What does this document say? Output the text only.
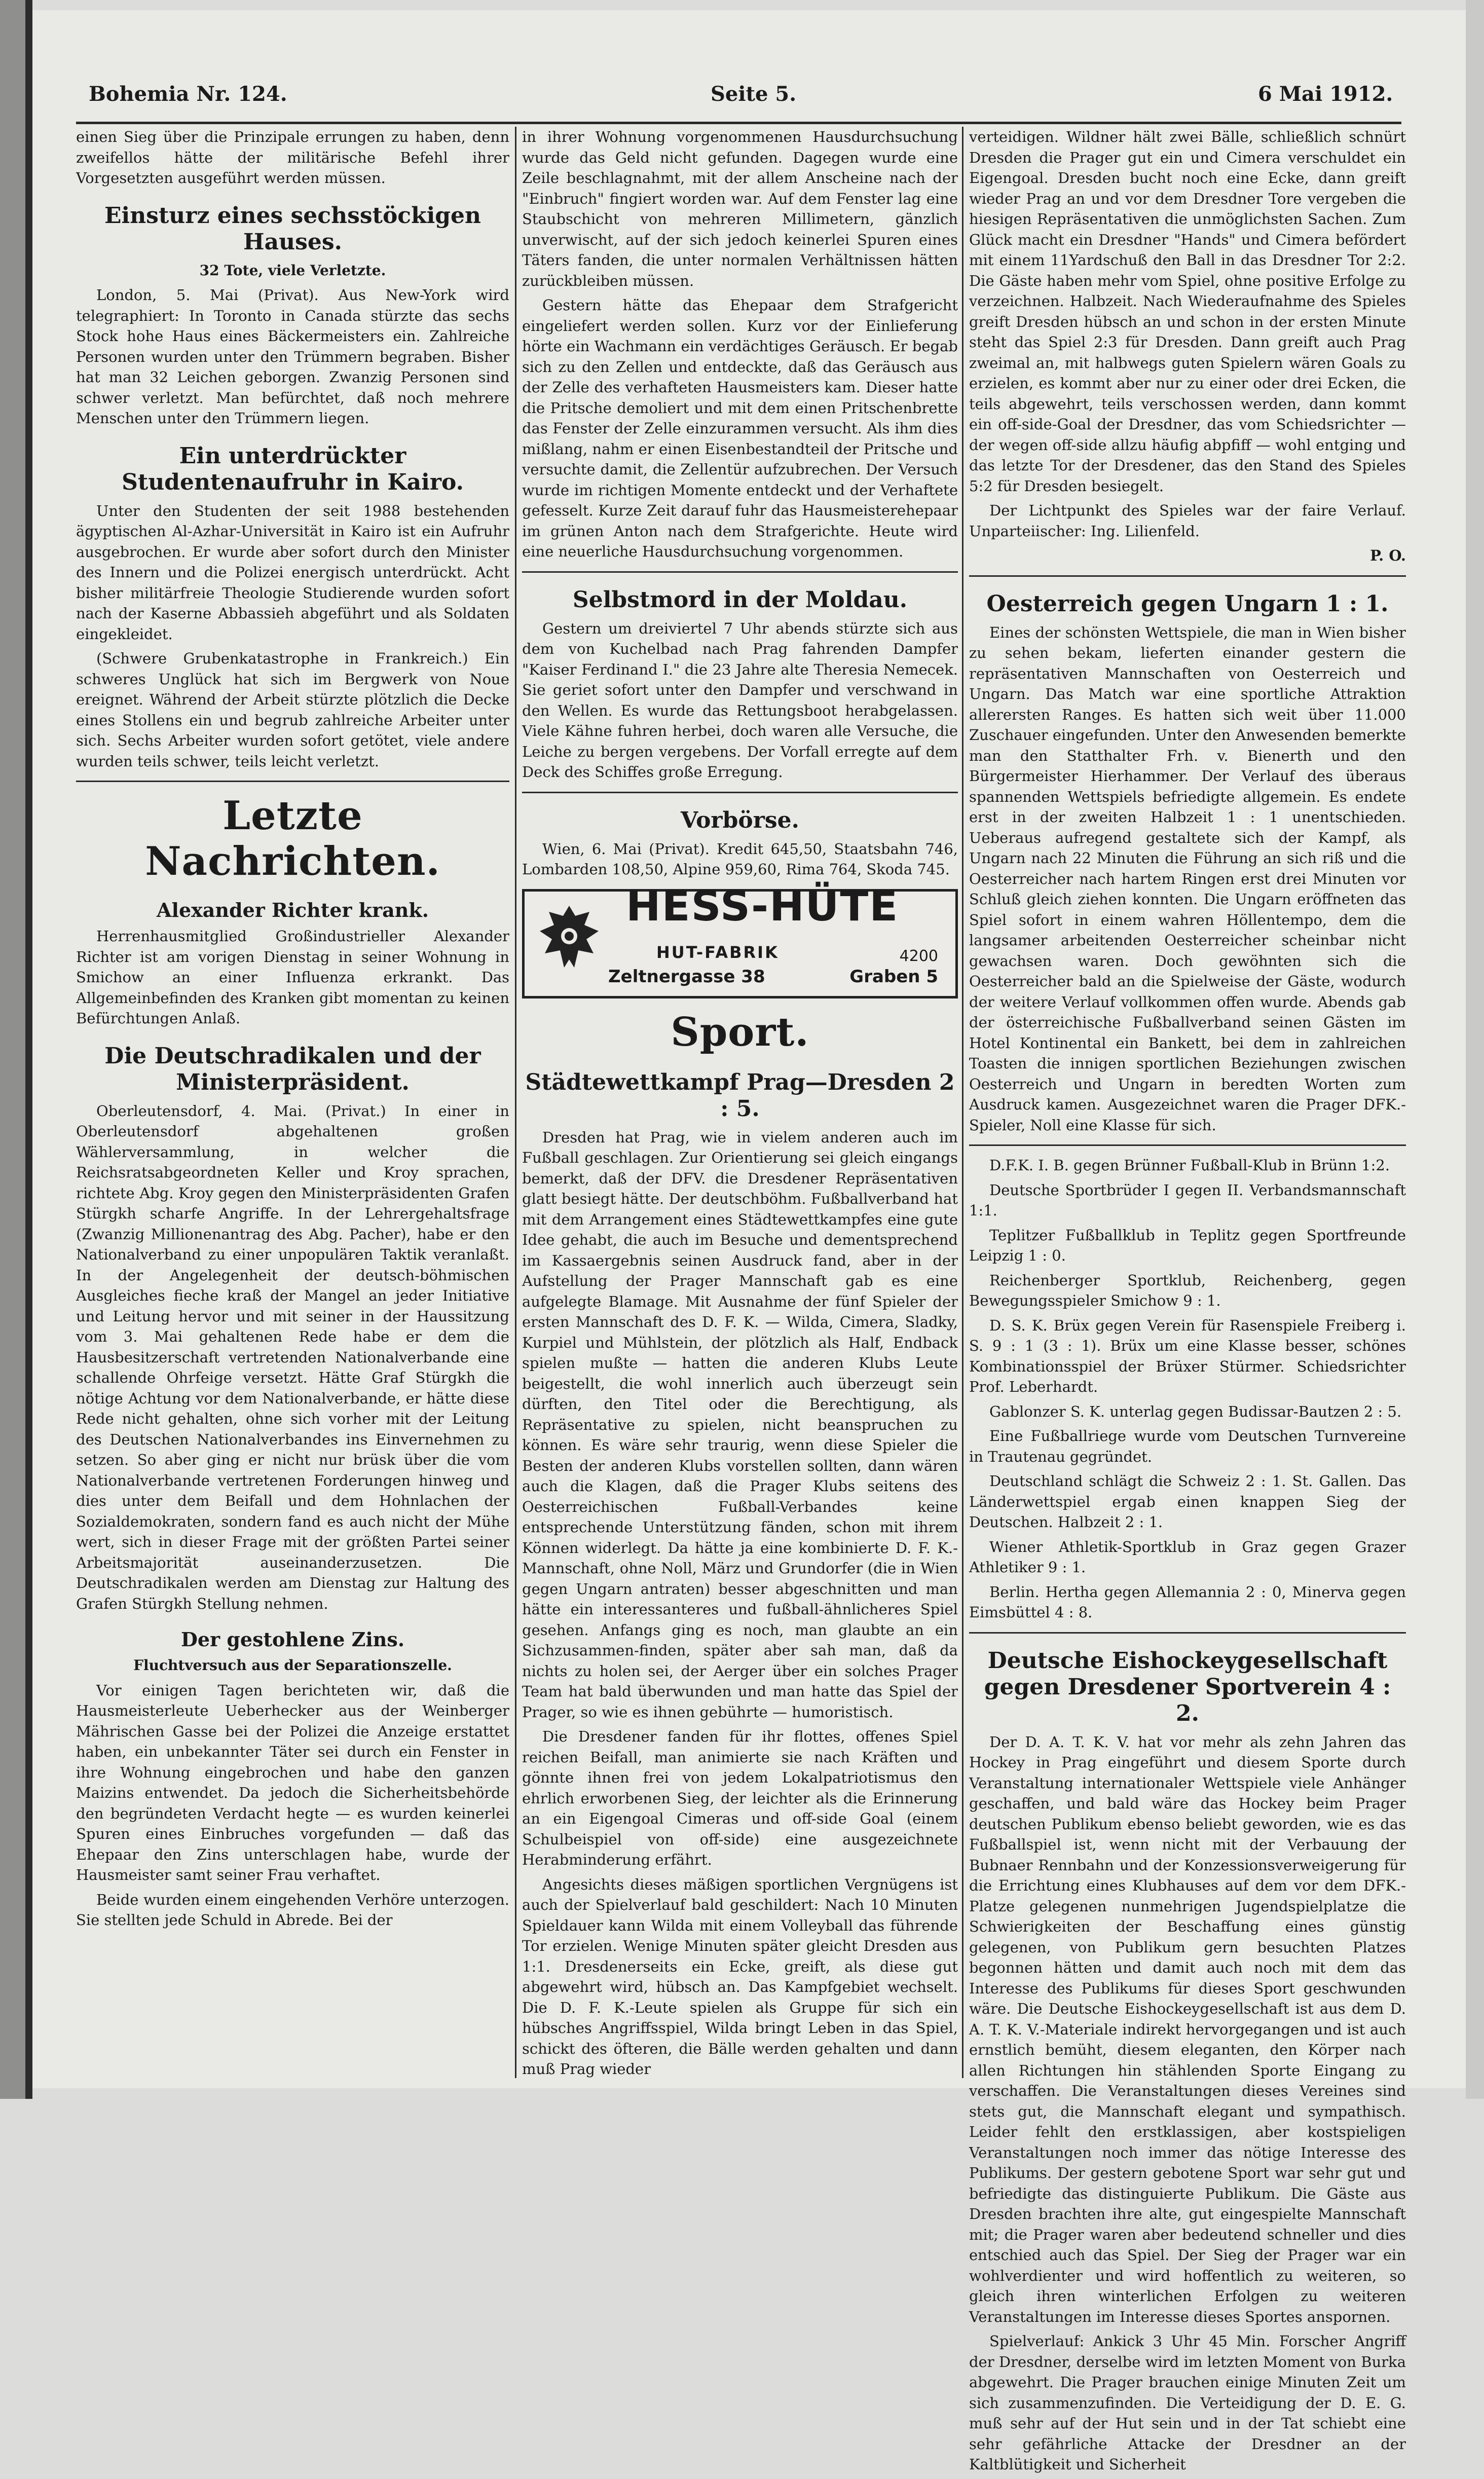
Bohemia Nr. 124.	Seite 5.	6 Mai 1912.

einen Sieg über die Prinzipale errungen zu haben, denn zweifellos hätte der militärische Befehl ihrer Vorgesetzten ausgeführt werden müssen.

Einsturz eines sechsstöckigen Hauses.

32 Tote, viele Verletzte.

London, 5. Mai (Privat). Aus New-York wird telegraphiert: In Toronto in Canada stürzte das sechs Stock hohe Haus eines Bäckermeisters ein. Zahlreiche Personen wurden unter den Trümmern begraben. Bisher hat man 32 Leichen geborgen. Zwanzig Personen sind schwer verletzt. Man befürchtet, daß noch mehrere Menschen unter den Trümmern liegen.

Ein unterdrückter Studentenaufruhr in Kairo.

Unter den Studenten der seit 1988 bestehenden ägyptischen Al-Azhar-Universität in Kairo ist ein Aufruhr ausgebrochen. Er wurde aber sofort durch den Minister des Innern und die Polizei energisch unterdrückt. Acht bisher militärfreie Theologie Studierende wurden sofort nach der Kaserne Abbassieh abgeführt und als Soldaten eingekleidet.

(Schwere Grubenkatastrophe in Frankreich.) Ein schweres Unglück hat sich im Bergwerk von Noue ereignet. Während der Arbeit stürzte plötzlich die Decke eines Stollens ein und begrub zahlreiche Arbeiter unter sich. Sechs Arbeiter wurden sofort getötet, viele andere wurden teils schwer, teils leicht verletzt.

Letzte Nachrichten.
Alexander Richter krank.

Herrenhausmitglied Großindustrieller Alexander Richter ist am vorigen Dienstag in seiner Wohnung in Smichow an einer Influenza erkrankt. Das Allgemeinbefinden des Kranken gibt momentan zu keinen Befürchtungen Anlaß.

Die Deutschradikalen und der Ministerpräsident.

Oberleutensdorf, 4. Mai. (Privat.) In einer in Oberleutensdorf abgehaltenen großen Wählerversammlung, in welcher die Reichsratsabgeordneten Keller und Kroy sprachen, richtete Abg. Kroy gegen den Ministerpräsidenten Grafen Stürgkh scharfe Angriffe. In der Lehrergehaltsfrage (Zwanzig Millionenantrag des Abg. Pacher), habe er den Nationalverband zu einer unpopulären Taktik veranlaßt. In der Angelegenheit der deutsch-böhmischen Ausgleiches fieche kraß der Mangel an jeder Initiative und Leitung hervor und mit seiner in der Haussitzung vom 3. Mai gehaltenen Rede habe er dem die Hausbesitzerschaft vertretenden Nationalverbande eine schallende Ohrfeige versetzt. Hätte Graf Stürgkh die nötige Achtung vor dem Nationalverbande, er hätte diese Rede nicht gehalten, ohne sich vorher mit der Leitung des Deutschen Nationalverbandes ins Einvernehmen zu setzen. So aber ging er nicht nur brüsk über die vom Nationalverbande vertretenen Forderungen hinweg und dies unter dem Beifall und dem Hohnlachen der Sozialdemokraten, sondern fand es auch nicht der Mühe wert, sich in dieser Frage mit der größten Partei seiner Arbeitsmajorität auseinanderzusetzen. Die Deutschradikalen werden am Dienstag zur Haltung des Grafen Stürgkh Stellung nehmen.

Der gestohlene Zins.

Fluchtversuch aus der Separationszelle.

Vor einigen Tagen berichteten wir, daß die Hausmeisterleute Ueberhecker aus der Weinberger Mährischen Gasse bei der Polizei die Anzeige erstattet haben, ein unbekannter Täter sei durch ein Fenster in ihre Wohnung eingebrochen und habe den ganzen Maizins entwendet. Da jedoch die Sicherheitsbehörde den begründeten Verdacht hegte — es wurden keinerlei Spuren eines Einbruches vorgefunden — daß das Ehepaar den Zins unterschlagen habe, wurde der Hausmeister samt seiner Frau verhaftet.

Beide wurden einem eingehenden Verhöre unterzogen. Sie stellten jede Schuld in Abrede. Bei der

in ihrer Wohnung vorgenommenen Hausdurchsuchung wurde das Geld nicht gefunden. Dagegen wurde eine Zeile beschlagnahmt, mit der allem Anscheine nach der "Einbruch" fingiert worden war. Auf dem Fenster lag eine Staubschicht von mehreren Millimetern, gänzlich unverwischt, auf der sich jedoch keinerlei Spuren eines Täters fanden, die unter normalen Verhältnissen hätten zurückbleiben müssen.

Gestern hätte das Ehepaar dem Strafgericht eingeliefert werden sollen. Kurz vor der Einlieferung hörte ein Wachmann ein verdächtiges Geräusch. Er begab sich zu den Zellen und entdeckte, daß das Geräusch aus der Zelle des verhafteten Hausmeisters kam. Dieser hatte die Pritsche demoliert und mit dem einen Pritschenbrette das Fenster der Zelle einzurammen versucht. Als ihm dies mißlang, nahm er einen Eisenbestandteil der Pritsche und versuchte damit, die Zellentür aufzubrechen. Der Versuch wurde im richtigen Momente entdeckt und der Verhaftete gefesselt. Kurze Zeit darauf fuhr das Hausmeisterehepaar im grünen Anton nach dem Strafgerichte. Heute wird eine neuerliche Hausdurchsuchung vorgenommen.

Selbstmord in der Moldau.

Gestern um dreiviertel 7 Uhr abends stürzte sich aus dem von Kuchelbad nach Prag fahrenden Dampfer "Kaiser Ferdinand I." die 23 Jahre alte Theresia Nemecek. Sie geriet sofort unter den Dampfer und verschwand in den Wellen. Es wurde das Rettungsboot herabgelassen. Viele Kähne fuhren herbei, doch waren alle Versuche, die Leiche zu bergen vergebens. Der Vorfall erregte auf dem Deck des Schiffes große Erregung.

Vorbörse.

Wien, 6. Mai (Privat). Kredit 645,50, Staatsbahn 746, Lombarden 108,50, Alpine 959,60, Rima 764, Skoda 745.

HESS-HÜTE
HUT-FABRIK	4200
Zeltnergasse 38	Graben 5
Sport.
Städtewettkampf Prag—Dresden 2 : 5.

Dresden hat Prag, wie in vielem anderen auch im Fußball geschlagen. Zur Orientierung sei gleich eingangs bemerkt, daß der DFV. die Dresdener Repräsentativen glatt besiegt hätte. Der deutschböhm. Fußballverband hat mit dem Arrangement eines Städtewettkampfes eine gute Idee gehabt, die auch im Besuche und dementsprechend im Kassaergebnis seinen Ausdruck fand, aber in der Aufstellung der Prager Mannschaft gab es eine aufgelegte Blamage. Mit Ausnahme der fünf Spieler der ersten Mannschaft des D. F. K. — Wilda, Cimera, Sladky, Kurpiel und Mühlstein, der plötzlich als Half, Endback spielen mußte — hatten die anderen Klubs Leute beigestellt, die wohl innerlich auch überzeugt sein dürften, den Titel oder die Berechtigung, als Repräsentative zu spielen, nicht beanspruchen zu können. Es wäre sehr traurig, wenn diese Spieler die Besten der anderen Klubs vorstellen sollten, dann wären auch die Klagen, daß die Prager Klubs seitens des Oesterreichischen Fußball-Verbandes keine entsprechende Unterstützung fänden, schon mit ihrem Können widerlegt. Da hätte ja eine kombinierte D. F. K.-Mannschaft, ohne Noll, März und Grundorfer (die in Wien gegen Ungarn antraten) besser abgeschnitten und man hätte ein interessanteres und fußball-ähnlicheres Spiel gesehen. Anfangs ging es noch, man glaubte an ein Sichzusammen-finden, später aber sah man, daß da nichts zu holen sei, der Aerger über ein solches Prager Team hat bald überwunden und man hatte das Spiel der Prager, so wie es ihnen gebührte — humoristisch.

Die Dresdener fanden für ihr flottes, offenes Spiel reichen Beifall, man animierte sie nach Kräften und gönnte ihnen frei von jedem Lokalpatriotismus den ehrlich erworbenen Sieg, der leichter als die Erinnerung an ein Eigengoal Cimeras und off-side Goal (einem Schulbeispiel von off-side) eine ausgezeichnete Herabminderung erfährt.

Angesichts dieses mäßigen sportlichen Vergnügens ist auch der Spielverlauf bald geschildert: Nach 10 Minuten Spieldauer kann Wilda mit einem Volleyball das führende Tor erzielen. Wenige Minuten später gleicht Dresden aus 1:1. Dresdenerseits ein Ecke, greift, als diese gut abgewehrt wird, hübsch an. Das Kampfgebiet wechselt. Die D. F. K.-Leute spielen als Gruppe für sich ein hübsches Angriffsspiel, Wilda bringt Leben in das Spiel, schickt des öfteren, die Bälle werden gehalten und dann muß Prag wieder

verteidigen. Wildner hält zwei Bälle, schließlich schnürt Dresden die Prager gut ein und Cimera verschuldet ein Eigengoal. Dresden bucht noch eine Ecke, dann greift wieder Prag an und vor dem Dresdner Tore vergeben die hiesigen Repräsentativen die unmöglichsten Sachen. Zum Glück macht ein Dresdner "Hands" und Cimera befördert mit einem 11Yardschuß den Ball in das Dresdner Tor 2:2. Die Gäste haben mehr vom Spiel, ohne positive Erfolge zu verzeichnen. Halbzeit. Nach Wiederaufnahme des Spieles greift Dresden hübsch an und schon in der ersten Minute steht das Spiel 2:3 für Dresden. Dann greift auch Prag zweimal an, mit halbwegs guten Spielern wären Goals zu erzielen, es kommt aber nur zu einer oder drei Ecken, die teils abgewehrt, teils verschossen werden, dann kommt ein off-side-Goal der Dresdner, das vom Schiedsrichter — der wegen off-side allzu häufig abpfiff — wohl entging und das letzte Tor der Dresdener, das den Stand des Spieles 5:2 für Dresden besiegelt.

Der Lichtpunkt des Spieles war der faire Verlauf. Unparteiischer: Ing. Lilienfeld.

P. O.

Oesterreich gegen Ungarn 1 : 1.

Eines der schönsten Wettspiele, die man in Wien bisher zu sehen bekam, lieferten einander gestern die repräsentativen Mannschaften von Oesterreich und Ungarn. Das Match war eine sportliche Attraktion allerersten Ranges. Es hatten sich weit über 11.000 Zuschauer eingefunden. Unter den Anwesenden bemerkte man den Statthalter Frh. v. Bienerth und den Bürgermeister Hierhammer. Der Verlauf des überaus spannenden Wettspiels befriedigte allgemein. Es endete erst in der zweiten Halbzeit 1 : 1 unentschieden. Ueberaus aufregend gestaltete sich der Kampf, als Ungarn nach 22 Minuten die Führung an sich riß und die Oesterreicher nach hartem Ringen erst drei Minuten vor Schluß gleich ziehen konnten. Die Ungarn eröffneten das Spiel sofort in einem wahren Höllentempo, dem die langsamer arbeitenden Oesterreicher scheinbar nicht gewachsen waren. Doch gewöhnten sich die Oesterreicher bald an die Spielweise der Gäste, wodurch der weitere Verlauf vollkommen offen wurde. Abends gab der österreichische Fußballverband seinen Gästen im Hotel Kontinental ein Bankett, bei dem in zahlreichen Toasten die innigen sportlichen Beziehungen zwischen Oesterreich und Ungarn in beredten Worten zum Ausdruck kamen. Ausgezeichnet waren die Prager DFK.-Spieler, Noll eine Klasse für sich.

D.F.K. I. B. gegen Brünner Fußball-Klub in Brünn 1:2.

Deutsche Sportbrüder I gegen II. Verbandsmannschaft 1:1.

Teplitzer Fußballklub in Teplitz gegen Sportfreunde Leipzig 1 : 0.

Reichenberger Sportklub, Reichenberg, gegen Bewegungsspieler Smichow 9 : 1.

D. S. K. Brüx gegen Verein für Rasenspiele Freiberg i. S. 9 : 1 (3 : 1). Brüx um eine Klasse besser, schönes Kombinationsspiel der Brüxer Stürmer. Schiedsrichter Prof. Leberhardt.

Gablonzer S. K. unterlag gegen Budissar-Bautzen 2 : 5.

Eine Fußballriege wurde vom Deutschen Turnvereine in Trautenau gegründet.

Deutschland schlägt die Schweiz 2 : 1. St. Gallen. Das Länderwettspiel ergab einen knappen Sieg der Deutschen. Halbzeit 2 : 1.

Wiener Athletik-Sportklub in Graz gegen Grazer Athletiker 9 : 1.

Berlin. Hertha gegen Allemannia 2 : 0, Minerva gegen Eimsbüttel 4 : 8.

Deutsche Eishockeygesellschaft gegen Dresdener Sportverein 4 : 2.

Der D. A. T. K. V. hat vor mehr als zehn Jahren das Hockey in Prag eingeführt und diesem Sporte durch Veranstaltung internationaler Wettspiele viele Anhänger geschaffen, und bald wäre das Hockey beim Prager deutschen Publikum ebenso beliebt geworden, wie es das Fußballspiel ist, wenn nicht mit der Verbauung der Bubnaer Rennbahn und der Konzessionsverweigerung für die Errichtung eines Klubhauses auf dem vor dem DFK.-Platze gelegenen nunmehrigen Jugendspielplatze die Schwierigkeiten der Beschaffung eines günstig gelegenen, von Publikum gern besuchten Platzes begonnen hätten und damit auch noch mit dem das Interesse des Publikums für dieses Sport geschwunden wäre. Die Deutsche Eishockeygesellschaft ist aus dem D. A. T. K. V.-Materiale indirekt hervorgegangen und ist auch ernstlich bemüht, diesem eleganten, den Körper nach allen Richtungen hin stählenden Sporte Eingang zu verschaffen. Die Veranstaltungen dieses Vereines sind stets gut, die Mannschaft elegant und sympathisch. Leider fehlt den erstklassigen, aber kostspieligen Veranstaltungen noch immer das nötige Interesse des Publikums. Der gestern gebotene Sport war sehr gut und befriedigte das distinguierte Publikum. Die Gäste aus Dresden brachten ihre alte, gut eingespielte Mannschaft mit; die Prager waren aber bedeutend schneller und dies entschied auch das Spiel. Der Sieg der Prager war ein wohlverdienter und wird hoffentlich zu weiteren, so gleich ihren winterlichen Erfolgen zu weiteren Veranstaltungen im Interesse dieses Sportes anspornen.

Spielverlauf: Ankick 3 Uhr 45 Min. Forscher Angriff der Dresdner, derselbe wird im letzten Moment von Burka abgewehrt. Die Prager brauchen einige Minuten Zeit um sich zusammenzufinden. Die Verteidigung der D. E. G. muß sehr auf der Hut sein und in der Tat schiebt eine sehr gefährliche Attacke der Dresdner an der Kaltblütigkeit und Sicherheit
